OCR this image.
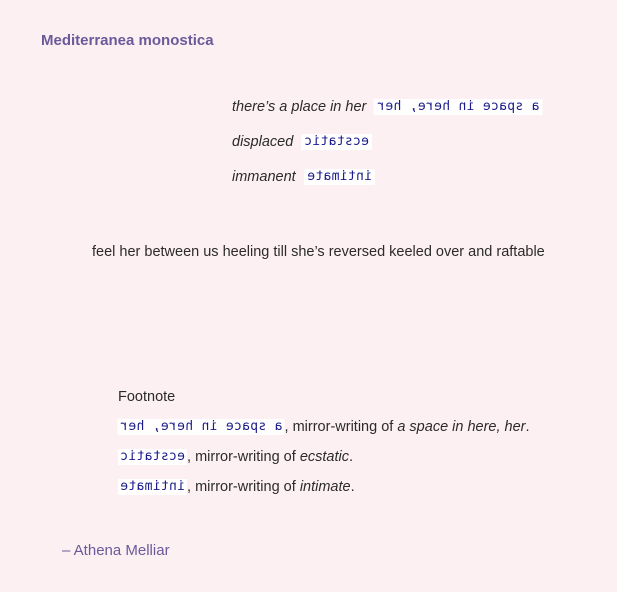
Mediterranea monostica
there’s a place in her a space in here, her
displaced ecstatic
immanent intimate
feel her between us heeling till she’s reversed keeled over and raftable
Footnote
a space in here, her , mirror-writing of a space in here, her.
ecstatic , mirror-writing of ecstatic.
intimate , mirror-writing of intimate.
– Athena Melliar
